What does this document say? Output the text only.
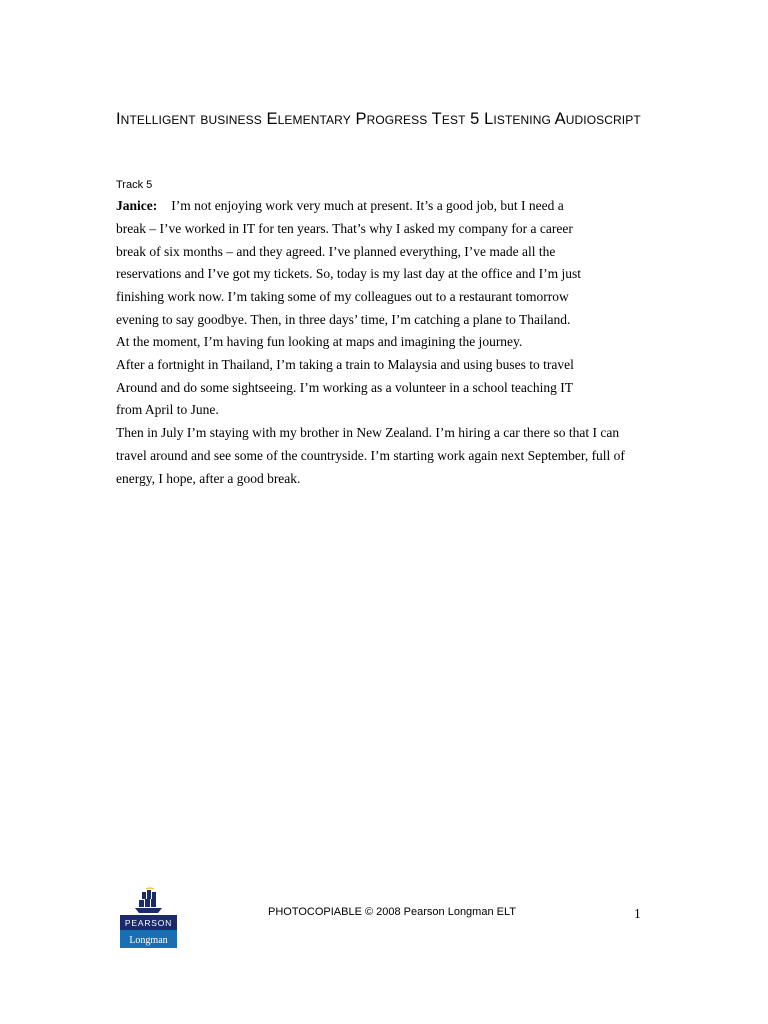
Intelligent business Elementary Progress Test 5 Listening Audioscript
Track 5
Janice: I’m not enjoying work very much at present. It’s a good job, but I need a
break – I’ve worked in IT for ten years. That’s why I asked my company for a career
break of six months – and they agreed. I’ve planned everything, I’ve made all the
reservations and I’ve got my tickets. So, today is my last day at the office and I’m just
finishing work now. I’m taking some of my colleagues out to a restaurant tomorrow
evening to say goodbye. Then, in three days’ time, I’m catching a plane to Thailand.
At the moment, I’m having fun looking at maps and imagining the journey.
After a fortnight in Thailand, I’m taking a train to Malaysia and using buses to travel
Around and do some sightseeing. I’m working as a volunteer in a school teaching IT
from April to June.
Then in July I’m staying with my brother in New Zealand. I’m hiring a car there so that I can
travel around and see some of the countryside. I’m starting work again next September, full of
energy, I hope, after a good break.
PEARSON
Longman
PHOTOCOPIABLE © 2008 Pearson Longman ELT	1
